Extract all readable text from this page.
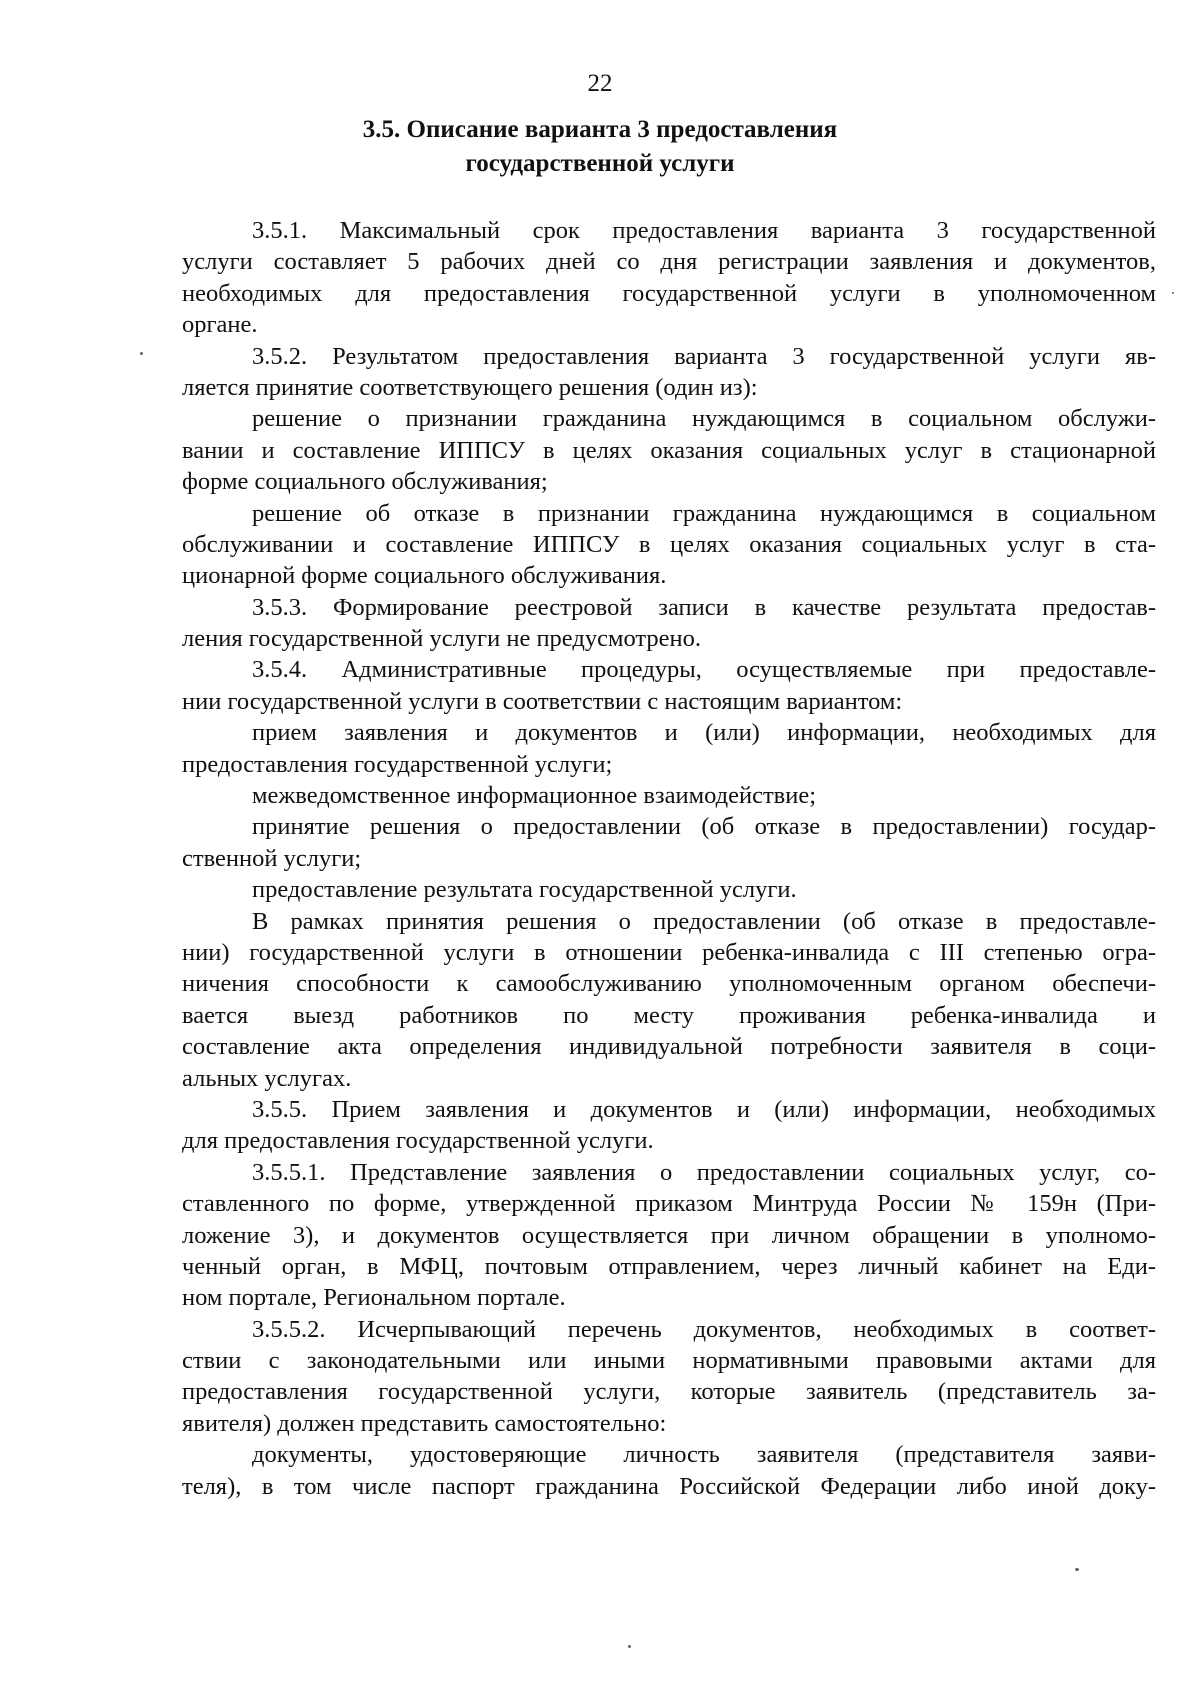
22
3.5. Описание варианта 3 предоставления
государственной услуги
3.5.1. Максимальный срок предоставления варианта 3 государственной
услуги составляет 5 рабочих дней со дня регистрации заявления и документов,
необходимых для предоставления государственной услуги в уполномоченном
органе.
3.5.2. Результатом предоставления варианта 3 государственной услуги яв-
ляется принятие соответствующего решения (один из):
решение о признании гражданина нуждающимся в социальном обслужи-
вании и составление ИППСУ в целях оказания социальных услуг в стационарной
форме социального обслуживания;
решение об отказе в признании гражданина нуждающимся в социальном
обслуживании и составление ИППСУ в целях оказания социальных услуг в ста-
ционарной форме социального обслуживания.
3.5.3. Формирование реестровой записи в качестве результата предостав-
ления государственной услуги не предусмотрено.
3.5.4. Административные процедуры, осуществляемые при предоставле-
нии государственной услуги в соответствии с настоящим вариантом:
прием заявления и документов и (или) информации, необходимых для
предоставления государственной услуги;
межведомственное информационное взаимодействие;
принятие решения о предоставлении (об отказе в предоставлении) государ-
ственной услуги;
предоставление результата государственной услуги.
В рамках принятия решения о предоставлении (об отказе в предоставле-
нии) государственной услуги в отношении ребенка-инвалида с III степенью огра-
ничения способности к самообслуживанию уполномоченным органом обеспечи-
вается выезд работников по месту проживания ребенка-инвалида и
составление акта определения индивидуальной потребности заявителя в соци-
альных услугах.
3.5.5. Прием заявления и документов и (или) информации, необходимых
для предоставления государственной услуги.
3.5.5.1. Представление заявления о предоставлении социальных услуг, со-
ставленного по форме, утвержденной приказом Минтруда России № 159н (При-
ложение 3), и документов осуществляется при личном обращении в уполномо-
ченный орган, в МФЦ, почтовым отправлением, через личный кабинет на Еди-
ном портале, Региональном портале.
3.5.5.2. Исчерпывающий перечень документов, необходимых в соответ-
ствии с законодательными или иными нормативными правовыми актами для
предоставления государственной услуги, которые заявитель (представитель за-
явителя) должен представить самостоятельно:
документы, удостоверяющие личность заявителя (представителя заяви-
теля), в том числе паспорт гражданина Российской Федерации либо иной доку-
